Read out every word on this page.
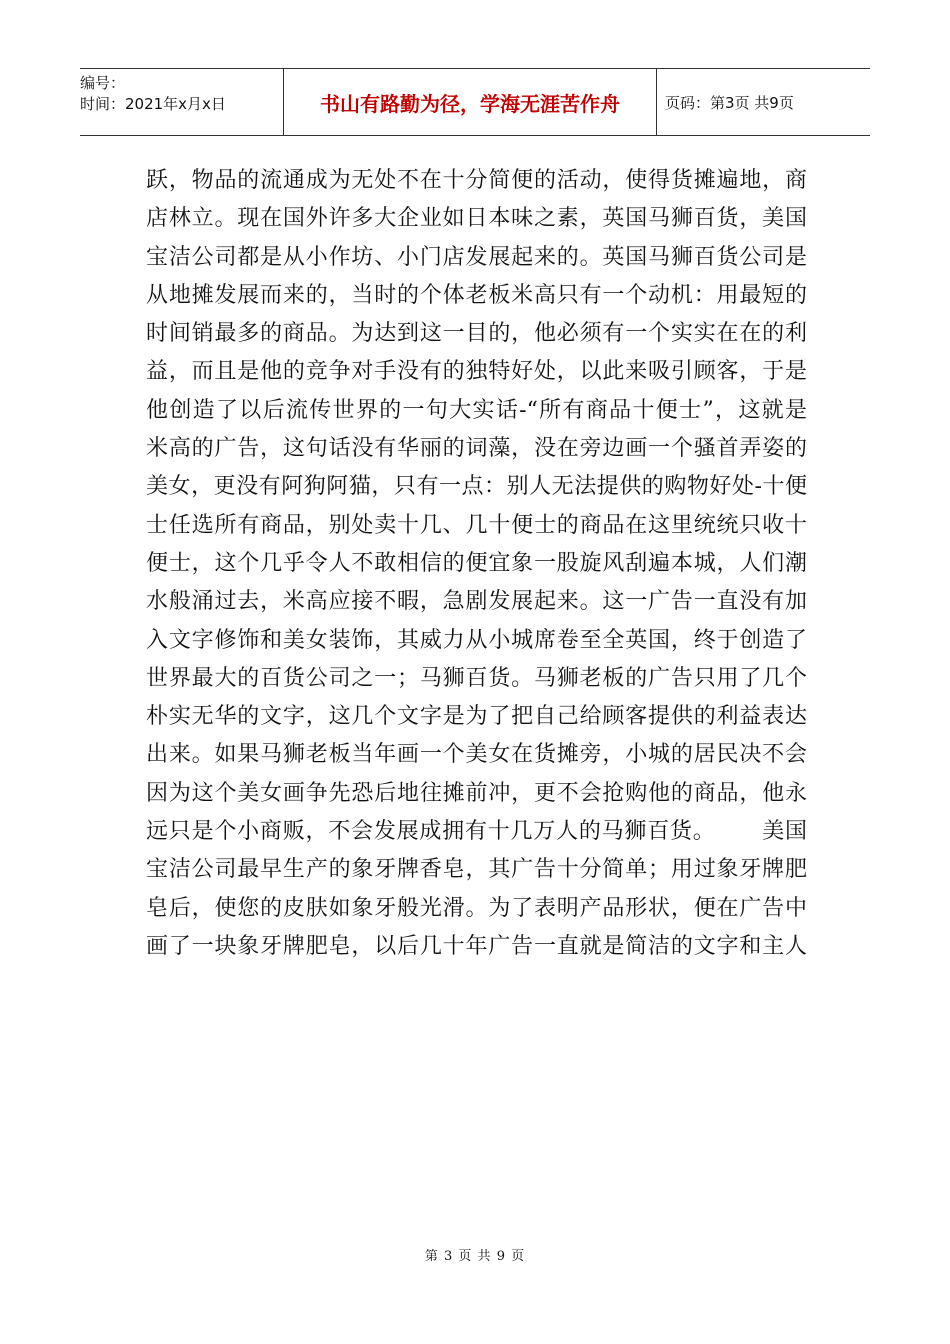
编号：
时间：2021年x月x日	书山有路勤为径，学海无涯苦作舟	页码：第3页 共9页

跃，物品的流通成为无处不在十分简便的活动，使得货摊遍地，商

店林立。现在国外许多大企业如日本味之素，英国马狮百货，美国

宝洁公司都是从小作坊、小门店发展起来的。英国马狮百货公司是

从地摊发展而来的，当时的个体老板米高只有一个动机：用最短的

时间销最多的商品。为达到这一目的，他必须有一个实实在在的利

益，而且是他的竞争对手没有的独特好处，以此来吸引顾客，于是

他创造了以后流传世界的一句大实话-“所有商品十便士”，这就是

米高的广告，这句话没有华丽的词藻，没在旁边画一个骚首弄姿的

美女，更没有阿狗阿猫，只有一点：别人无法提供的购物好处-十便

士任选所有商品，别处卖十几、几十便士的商品在这里统统只收十

便士，这个几乎令人不敢相信的便宜象一股旋风刮遍本城，人们潮

水般涌过去，米高应接不暇，急剧发展起来。这一广告一直没有加

入文字修饰和美女装饰，其威力从小城席卷至全英国，终于创造了

世界最大的百货公司之一；马狮百货。马狮老板的广告只用了几个

朴实无华的文字，这几个文字是为了把自己给顾客提供的利益表达

出来。如果马狮老板当年画一个美女在货摊旁，小城的居民决不会

因为这个美女画争先恐后地往摊前冲，更不会抢购他的商品，他永

远只是个小商贩，不会发展成拥有十几万人的马狮百货。      美国

宝洁公司最早生产的象牙牌香皂，其广告十分简单；用过象牙牌肥

皂后，使您的皮肤如象牙般光滑。为了表明产品形状，便在广告中

画了一块象牙牌肥皂，以后几十年广告一直就是简洁的文字和主人

第 3 页 共 9 页
